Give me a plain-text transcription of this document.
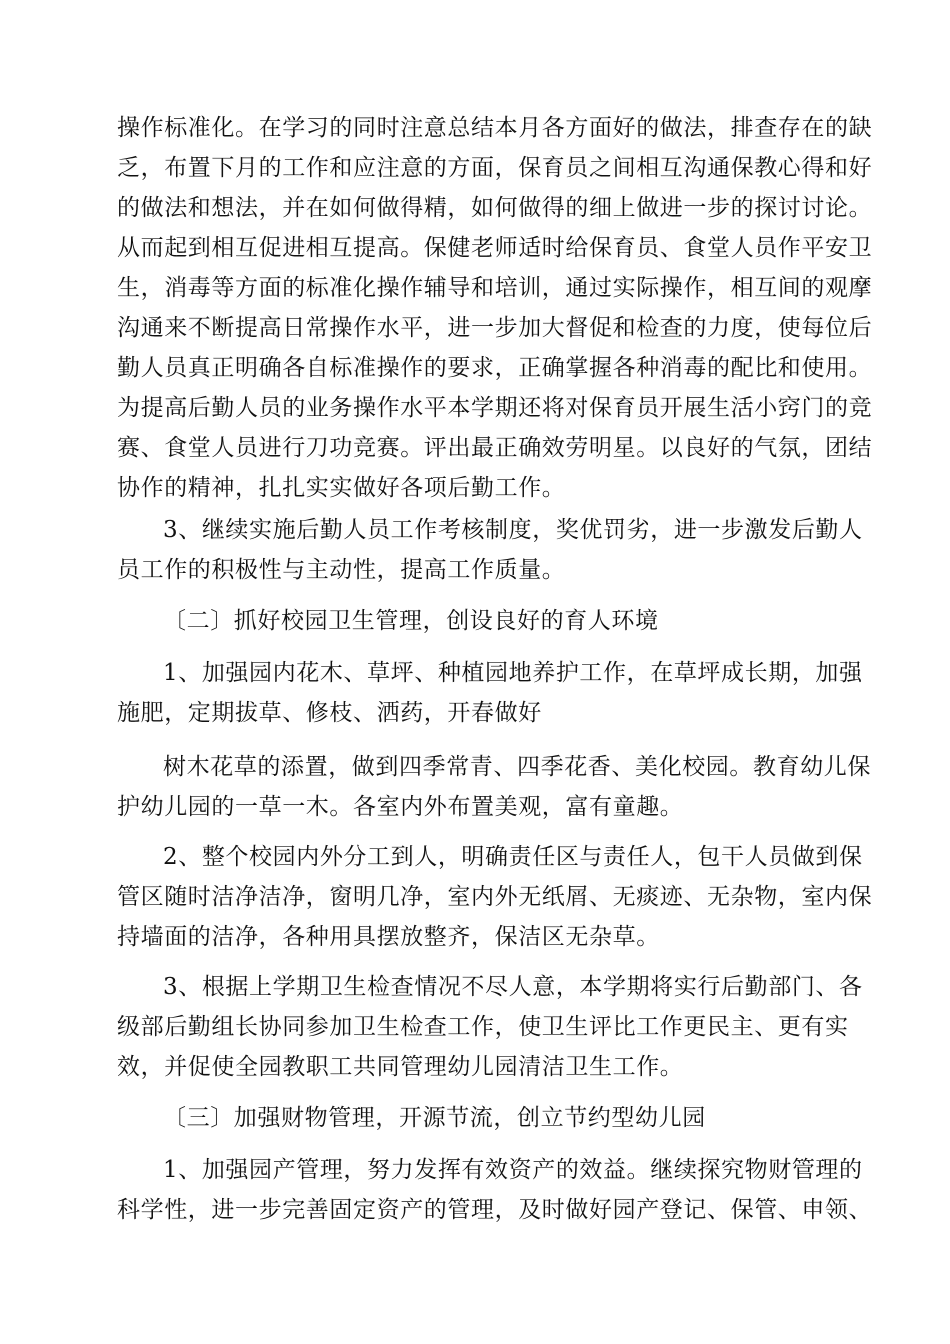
操作标准化。在学习的同时注意总结本月各方面好的做法，排查存在的缺
乏，布置下月的工作和应注意的方面，保育员之间相互沟通保教心得和好
的做法和想法，并在如何做得精，如何做得的细上做进一步的探讨讨论。
从而起到相互促进相互提高。保健老师适时给保育员、食堂人员作平安卫
生，消毒等方面的标准化操作辅导和培训，通过实际操作，相互间的观摩
沟通来不断提高日常操作水平，进一步加大督促和检查的力度，使每位后
勤人员真正明确各自标准操作的要求，正确掌握各种消毒的配比和使用。
为提高后勤人员的业务操作水平本学期还将对保育员开展生活小窍门的竞
赛、食堂人员进行刀功竞赛。评出最正确效劳明星。以良好的气氛，团结
协作的精神，扎扎实实做好各项后勤工作。
3、继续实施后勤人员工作考核制度，奖优罚劣，进一步激发后勤人
员工作的积极性与主动性，提高工作质量。
〔二〕抓好校园卫生管理，创设良好的育人环境
1、加强园内花木、草坪、种植园地养护工作，在草坪成长期，加强
施肥，定期拔草、修枝、洒药，开春做好
树木花草的添置，做到四季常青、四季花香、美化校园。教育幼儿保
护幼儿园的一草一木。各室内外布置美观，富有童趣。
2、整个校园内外分工到人，明确责任区与责任人，包干人员做到保
管区随时洁净洁净，窗明几净，室内外无纸屑、无痰迹、无杂物，室内保
持墙面的洁净，各种用具摆放整齐，保洁区无杂草。
3、根据上学期卫生检查情况不尽人意，本学期将实行后勤部门、各
级部后勤组长协同参加卫生检查工作，使卫生评比工作更民主、更有实
效，并促使全园教职工共同管理幼儿园清洁卫生工作。
〔三〕加强财物管理，开源节流，创立节约型幼儿园
1、加强园产管理，努力发挥有效资产的效益。继续探究物财管理的
科学性，进一步完善固定资产的管理，及时做好园产登记、保管、申领、
